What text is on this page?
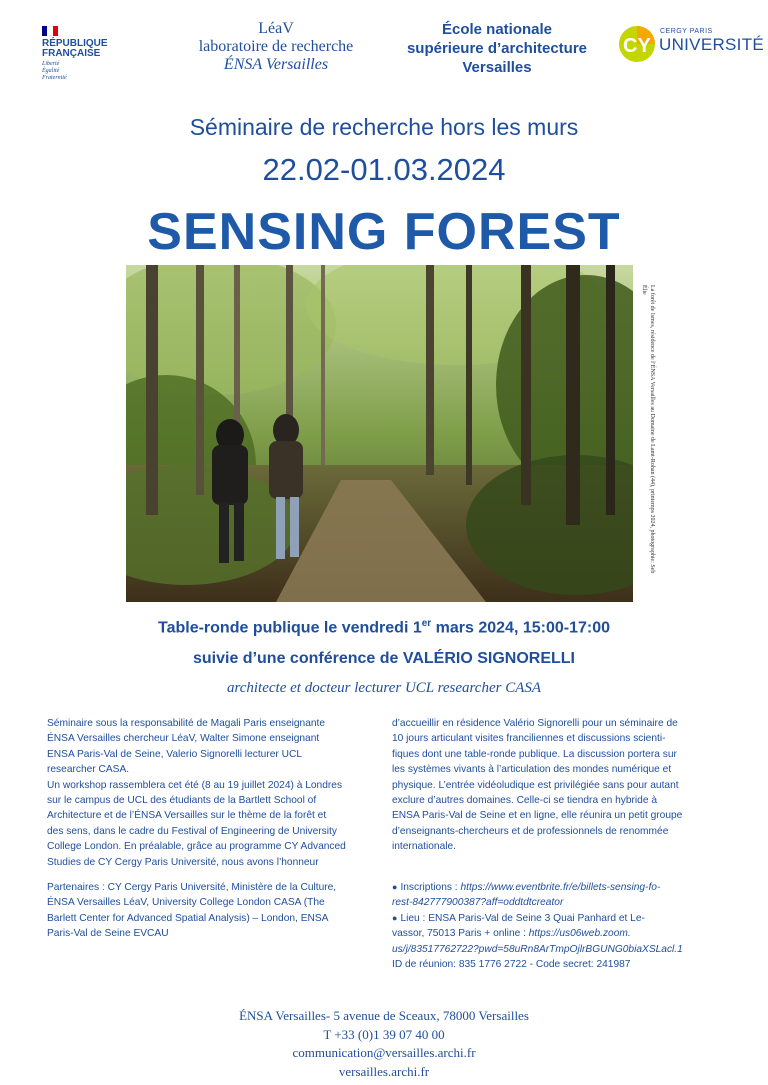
RÉPUBLIQUE
FRANÇAISE
Liberté
Égalité
Fraternité
LéaV
laboratoire de recherche
ÉNSA Versailles
École nationale
supérieure d’architecture
Versailles
CY
CERGY PARIS
UNIVERSITÉ
Séminaire de recherche hors les murs
22.02-01.03.2024
SENSING FOREST
La forêt de Ismes, résidence de l’ÉNSA Versailles au Domaine de Lamt-Rohan (44), printemps 2024, photographie: Seb Élie
Table-ronde publique le vendredi 1er mars 2024, 15:00-17:00
suivie d’une conférence de VALÉRIO SIGNORELLI
architecte et docteur lecturer UCL researcher CASA
Séminaire sous la responsabilité de Magali Paris enseignante
ÉNSA Versailles chercheur LéaV, Walter Simone enseignant
ENSA Paris-Val de Seine, Valerio Signorelli lecturer UCL
researcher CASA.
Un workshop rassemblera cet été (8 au 19 juillet 2024) à Londres
sur le campus de UCL des étudiants de la Bartlett School of
Architecture et de l’ÉNSA Versailles sur le thème de la forêt et
des sens, dans le cadre du Festival of Engineering de University
College London. En préalable, grâce au programme CY Advanced
Studies de CY Cergy Paris Université, nous avons l’honneur
Partenaires : CY Cergy Paris Université, Ministère de la Culture,
ÉNSA Versailles LéaV, University College London CASA (The
Barlett Center for Advanced Spatial Analysis) – London, ENSA
Paris-Val de Seine EVCAU
d’accueillir en résidence Valério Signorelli pour un séminaire de
10 jours articulant visites franciliennes et discussions scienti-
fiques dont une table-ronde publique. La discussion portera sur
les systèmes vivants à l’articulation des mondes numérique et
physique. L’entrée vidéoludique est privilégiée sans pour autant
exclure d’autres domaines. Celle-ci se tiendra en hybride à
ENSA Paris-Val de Seine et en ligne, elle réunira un petit groupe
d’enseignants-chercheurs et de professionnels de renommée
internationale.
● Inscriptions : https://www.eventbrite.fr/e/billets-sensing-fo-
rest-842777900387?aff=oddtdtcreator
● Lieu : ENSA Paris-Val de Seine 3 Quai Panhard et Le-
vassor, 75013 Paris + online : https://us06web.zoom.
us/j/83517762722?pwd=58uRn8ArTmpOjlrBGUNG0biaXSLacl.1
ID de réunion: 835 1776 2722 - Code secret: 241987
ÉNSA Versailles- 5 avenue de Sceaux, 78000 Versailles
T +33 (0)1 39 07 40 00
communication@versailles.archi.fr
versailles.archi.fr
